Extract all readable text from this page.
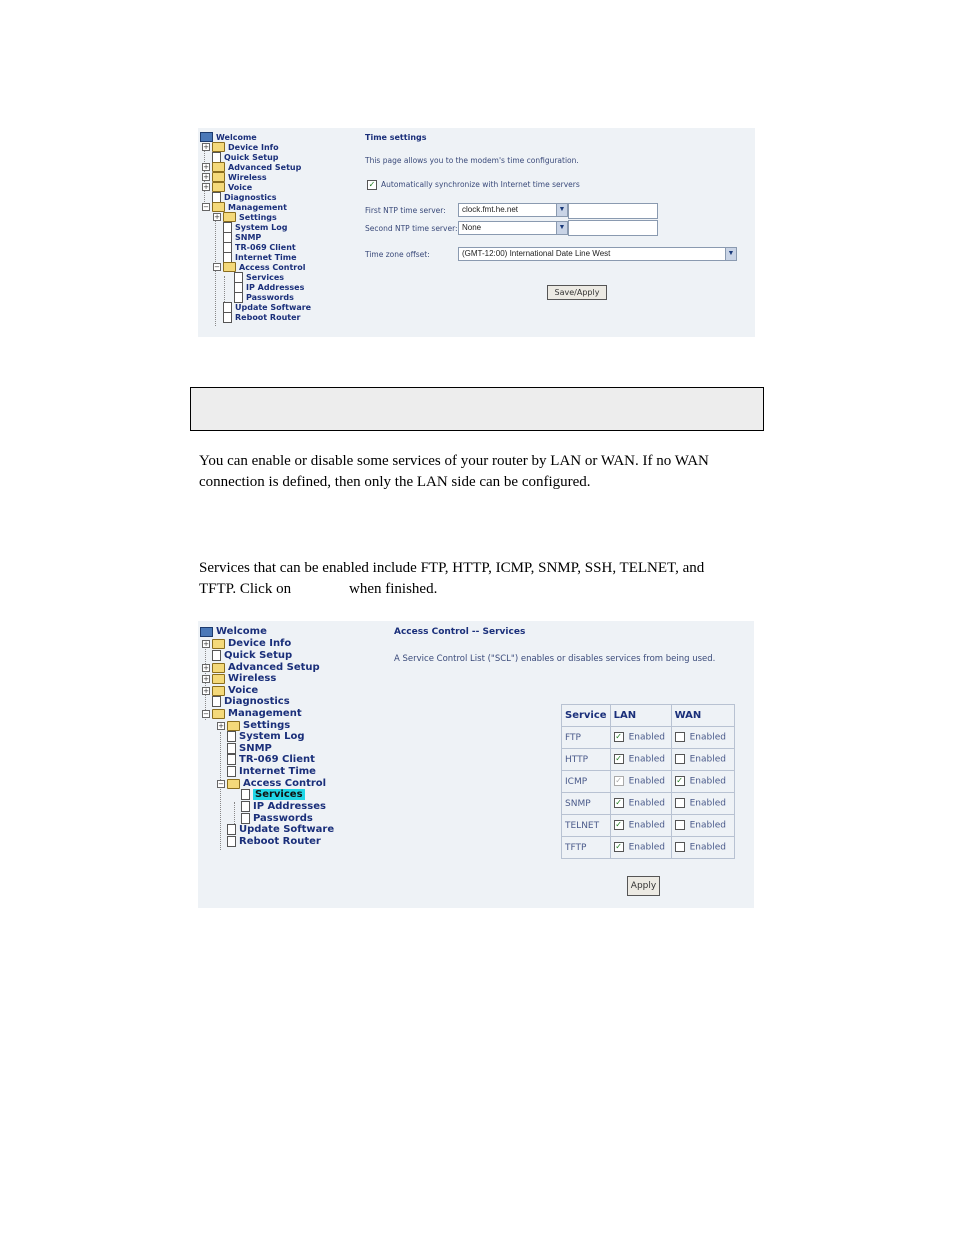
Welcome
+ Device Info
Quick Setup
+ Advanced Setup
+ Wireless
+ Voice
Diagnostics
− Management
+ Settings
System Log
SNMP
TR-069 Client
Internet Time
− Access Control
Services
IP Addresses
Passwords
Update Software
Reboot Router
Time settings
This page allows you to the modem's time configuration.
✓ Automatically synchronize with Internet time servers
First NTP time server:	clock.fmt.he.net	▼
Second NTP time server: None	▼
Time zone offset:	(GMT-12:00) International Date Line West	▼
Save/Apply
You can enable or disable some services of your router by LAN or WAN. If no WAN
connection is defined, then only the LAN side can be configured.
Services that can be enabled include FTP, HTTP, ICMP, SNMP, SSH, TELNET, and
TFTP. Click on	when finished.
Welcome
+ Device Info
Quick Setup
+ Advanced Setup
+ Wireless
+ Voice
Diagnostics
− Management
+ Settings
System Log
SNMP
TR-069 Client
Internet Time
− Access Control
Services
IP Addresses
Passwords
Update Software
Reboot Router
Access Control -- Services
A Service Control List ("SCL") enables or disables services from being used.
Service	LAN	WAN
FTP	✓ Enabled	Enabled
HTTP	✓ Enabled	Enabled
ICMP	✓ Enabled	✓ Enabled
SNMP	✓ Enabled	Enabled
TELNET	✓ Enabled	Enabled
TFTP	✓ Enabled	Enabled
Apply
